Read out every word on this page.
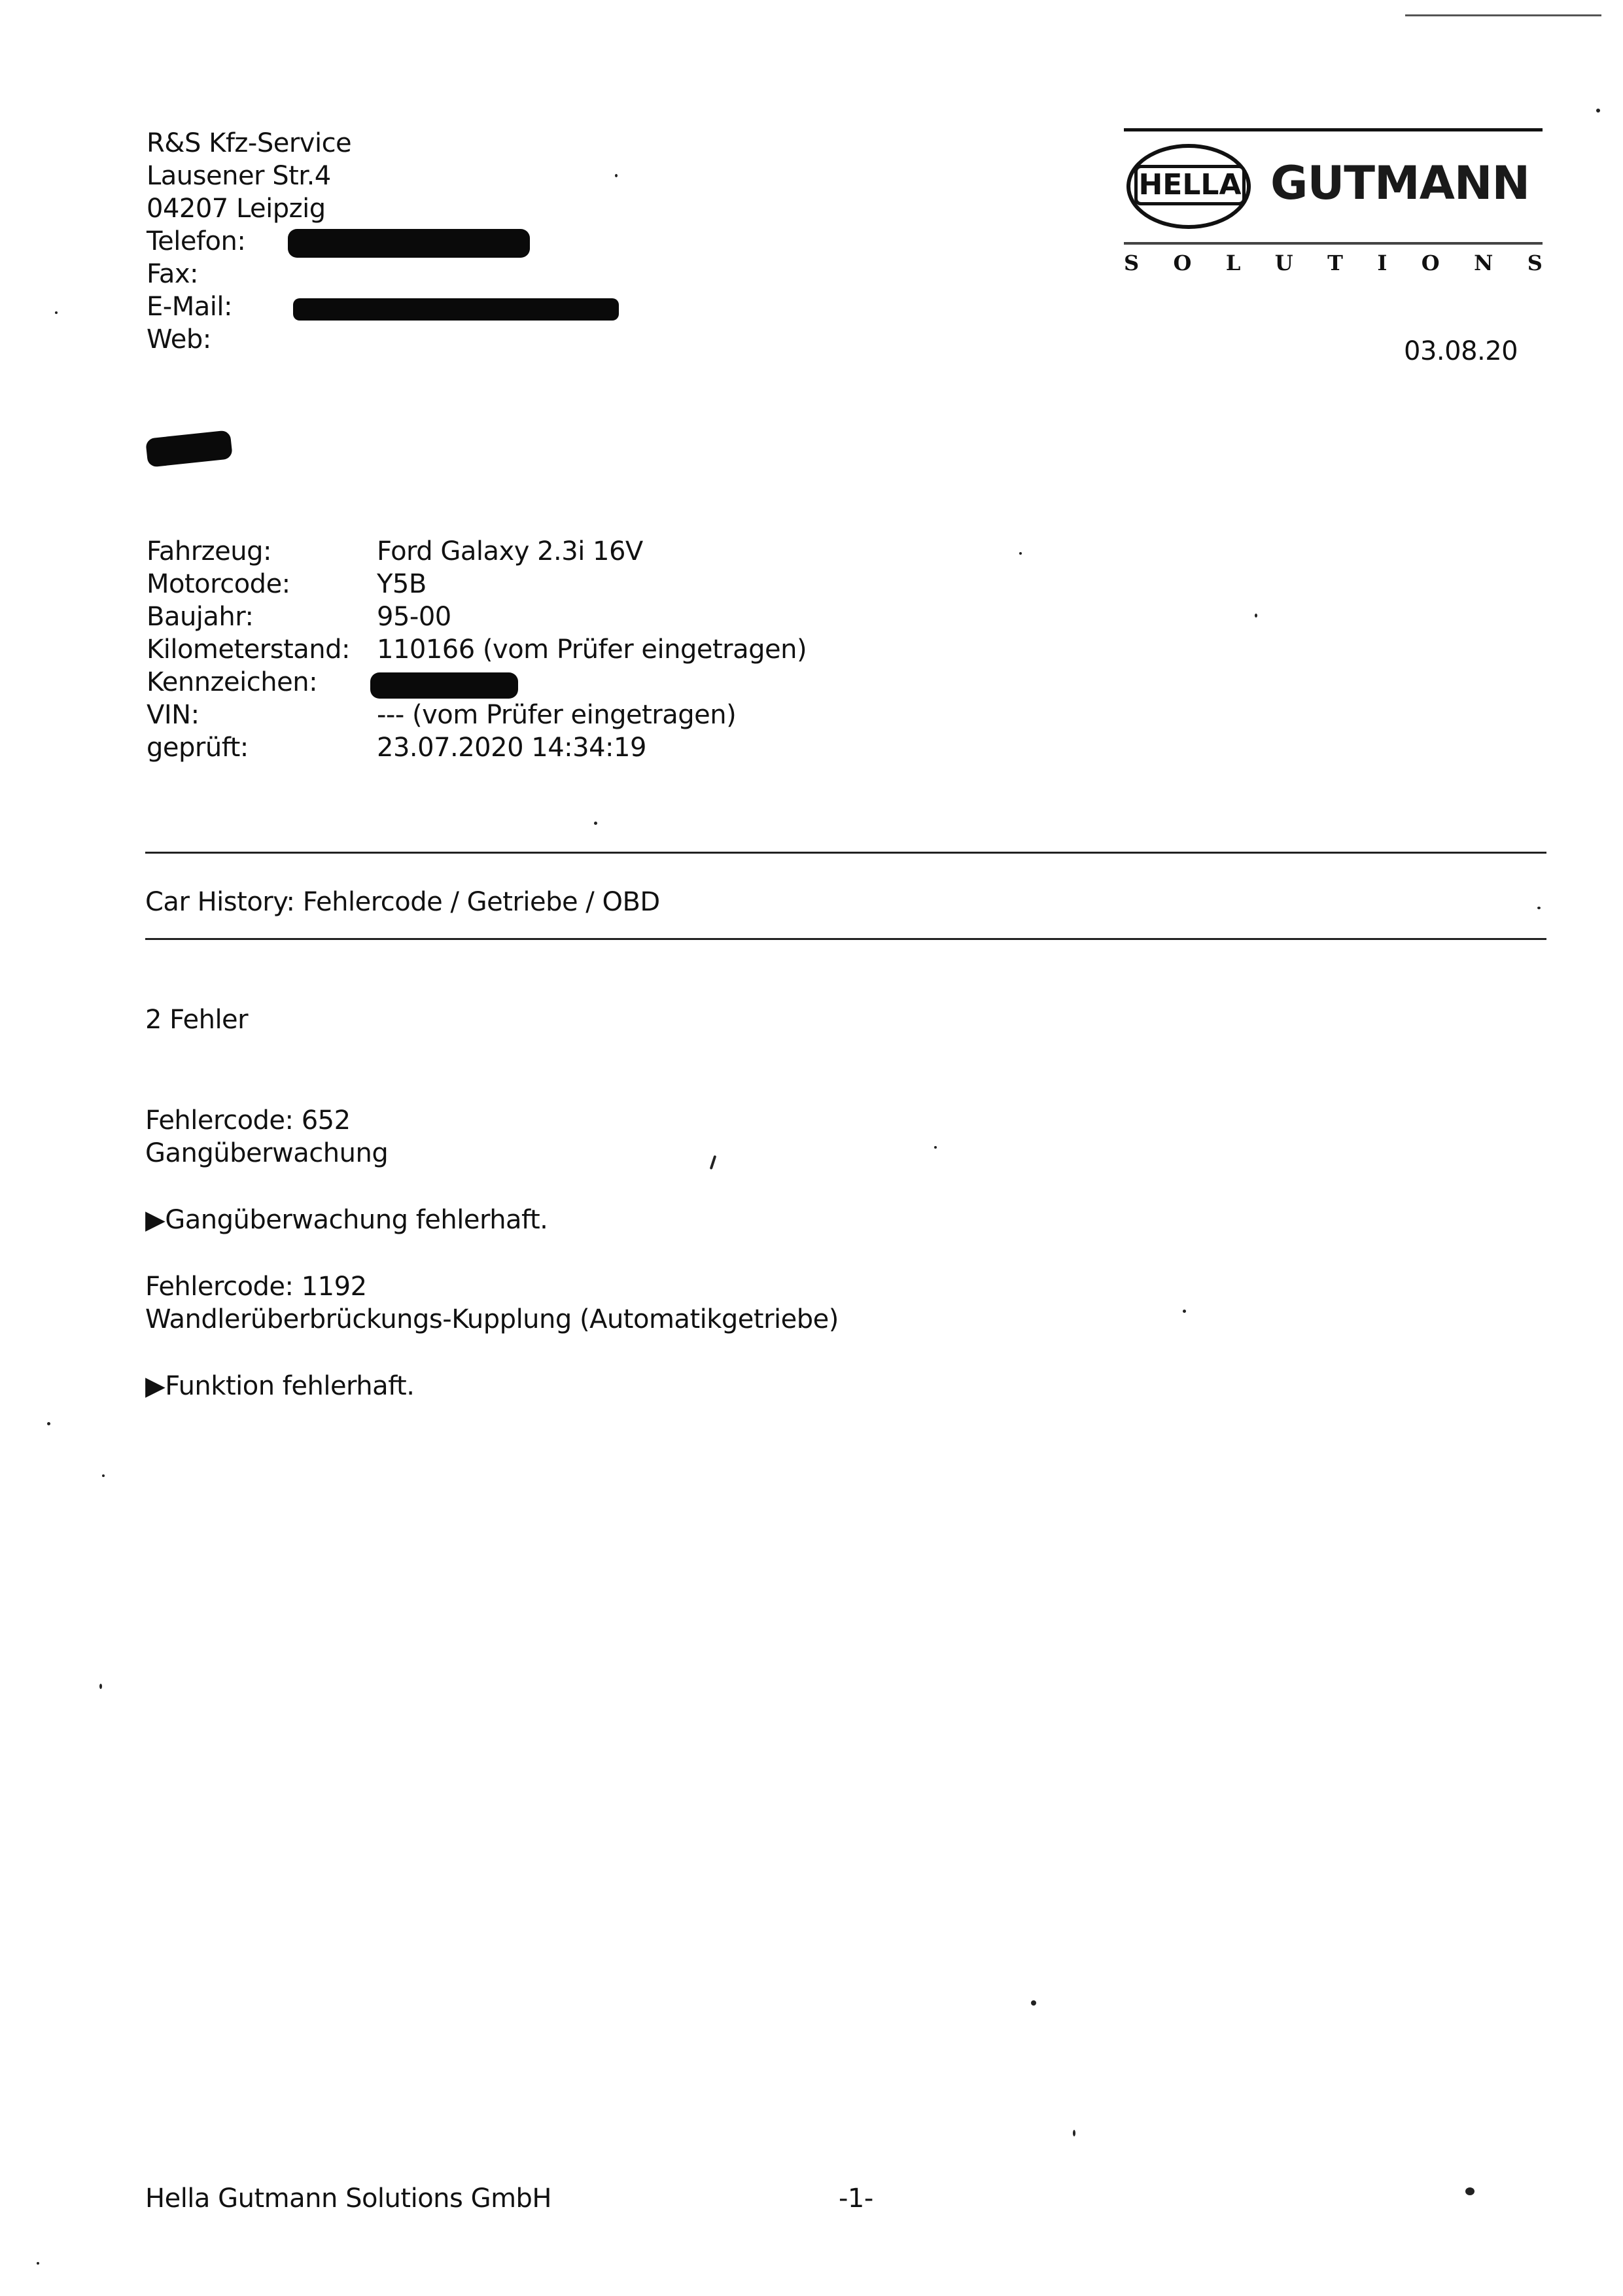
R&S Kfz-Service
Lausener Str.4
04207 Leipzig
Telefon:
Fax:
E-Mail:
Web:
HELLA GUTMANN
S O L U T I O N S
03.08.20
Fahrzeug:	Ford Galaxy 2.3i 16V
Motorcode:	Y5B
Baujahr:	95-00
Kilometerstand: 110166 (vom Prüfer eingetragen)
Kennzeichen:
VIN:	--- (vom Prüfer eingetragen)
geprüft:	23.07.2020 14:34:19
Car History: Fehlercode / Getriebe / OBD
2 Fehler
Fehlercode: 652
Gangüberwachung
▶Gangüberwachung fehlerhaft.
Fehlercode: 1192
Wandlerüberbrückungs-Kupplung (Automatikgetriebe)
▶Funktion fehlerhaft.
Hella Gutmann Solutions GmbH	-1-
